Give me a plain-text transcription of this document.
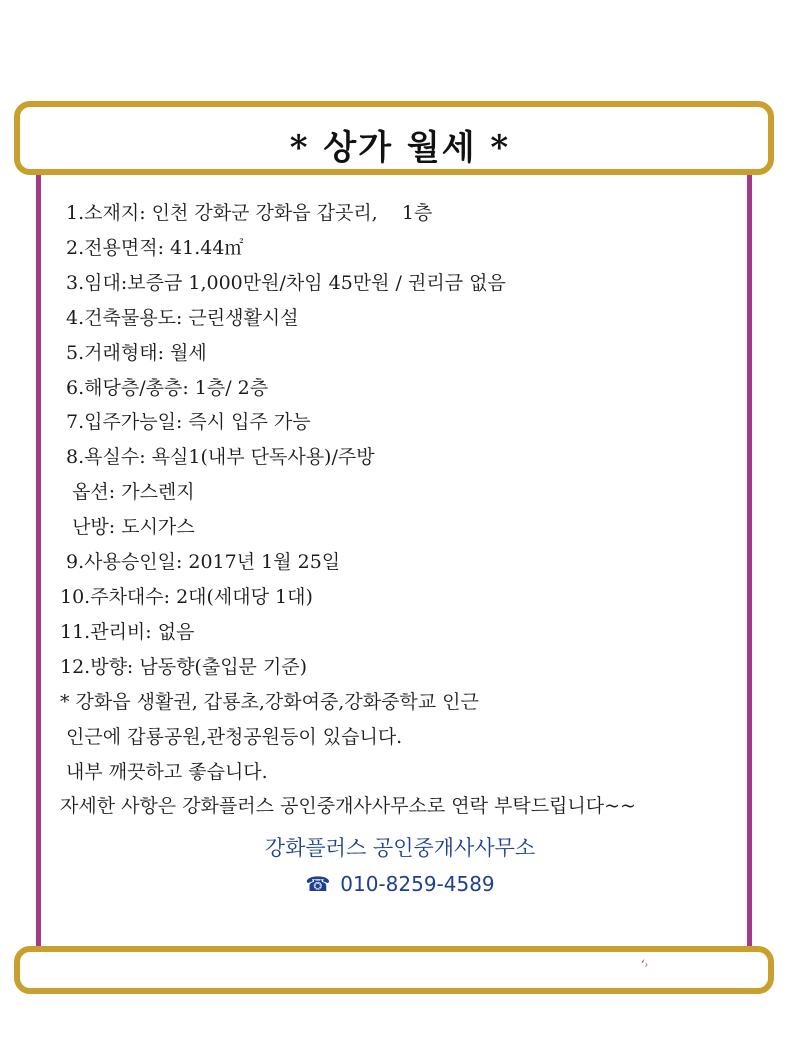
* 상가 월세 *
1.소재지: 인천 강화군 강화읍 갑곳리,    1층
2.전용면적: 41.44㎡
3.임대:보증금 1,000만원/차임 45만원 / 권리금 없음
4.건축물용도: 근린생활시설
5.거래형태: 월세
6.해당층/총층: 1층/ 2층
7.입주가능일: 즉시 입주 가능
8.욕실수: 욕실1(내부 단독사용)/주방
옵션: 가스렌지
난방: 도시가스
9.사용승인일: 2017년 1월 25일
10.주차대수: 2대(세대당 1대)
11.관리비: 없음
12.방향: 남동향(출입문 기준)
* 강화읍 생활권, 갑룡초,강화여중,강화중학교 인근
인근에 갑룡공원,관청공원등이 있습니다.
내부 깨끗하고 좋습니다.
자세한 사항은 강화플러스 공인중개사사무소로 연락 부탁드립니다~~
강화플러스 공인중개사사무소
☎ 010-8259-4589
ʻ˒
